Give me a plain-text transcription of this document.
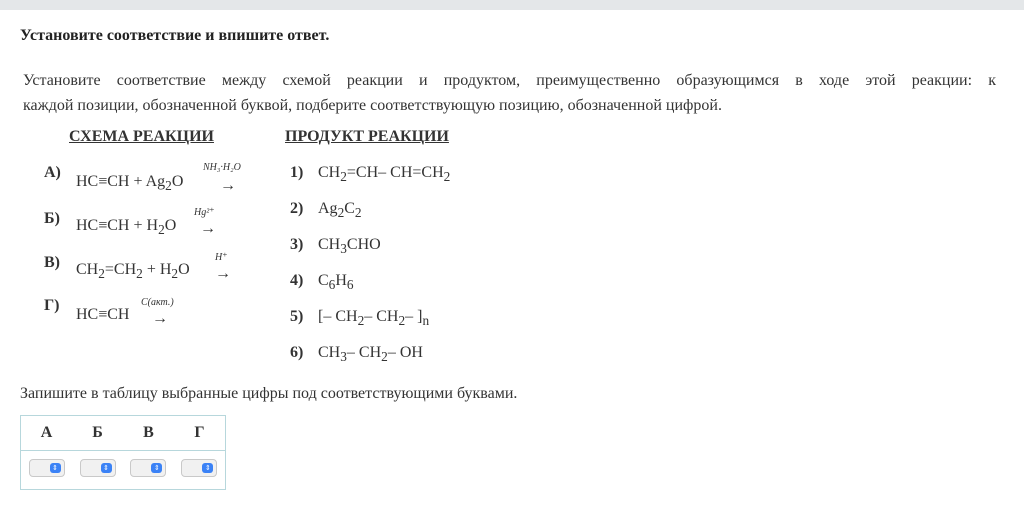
Установите соответствие и впишите ответ.
Установите соответствие между схемой реакции и продуктом, преимущественно образующимся в ходе этой реакции: к
каждой позиции, обозначенной буквой, подберите соответствующую позицию, обозначенной цифрой.
СХЕМА РЕАКЦИИ	ПРОДУКТ РЕАКЦИИ
А)
$HC\equiv CH + Ag_2O$
NH₃·H₂O
→
Б) $HC\equiv CH + H_2O$
Hg²⁺
→
В) $CH_2=CH_2 + H_2O$
H⁺
→
Г)
HC≡CH
C(акт.)
→
1) $CH_2=CH-$ $CH=CH_2$
2) $Ag_2C_2$
3) $CH_3CHO$
4) $C_6H_6$
5) [– $CH_2-$ $CH_2-$ ]$_n$
6) $CH_3-$ $CH_2-$ OH
Запишите в таблицу выбранные цифры под соответствующими буквами.
А	Б	В	Г

⇕	⇕	⇕	⇕
